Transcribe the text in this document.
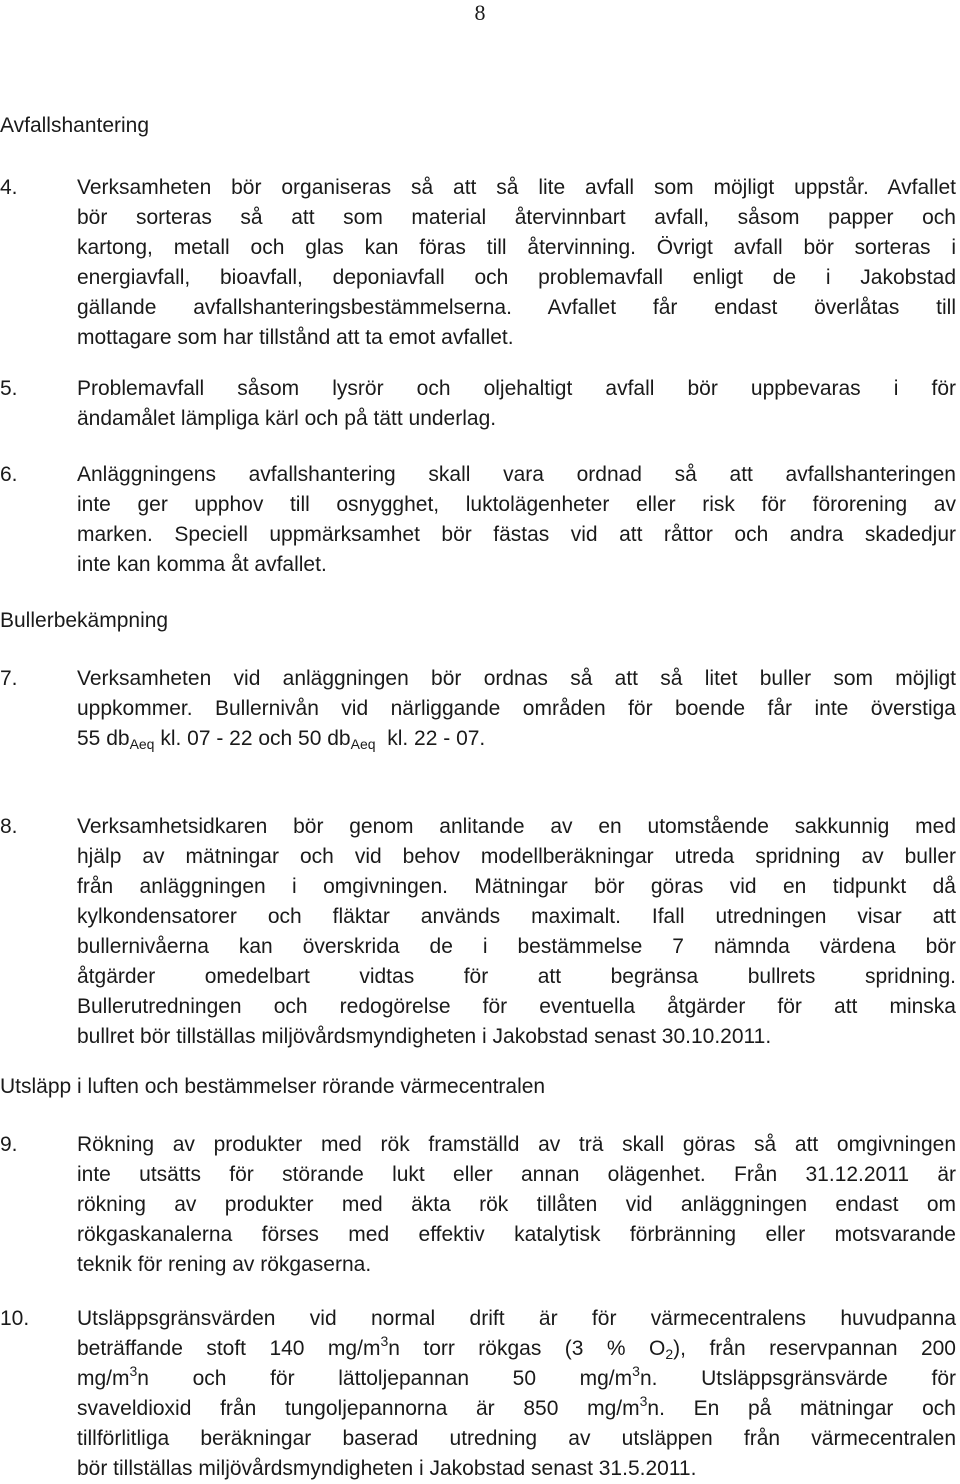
8
Avfallshantering
4.	Verksamheten bör organiseras så att så lite avfall som möjligt uppstår. Avfallet
bör sorteras så att som material återvinnbart avfall, såsom papper och
kartong, metall och glas kan föras till återvinning. Övrigt avfall bör sorteras i
energiavfall, bioavfall, deponiavfall och problemavfall enligt de i Jakobstad
gällande avfallshanteringsbestämmelserna. Avfallet får endast överlåtas till
mottagare som har tillstånd att ta emot avfallet.
5.	Problemavfall såsom lysrör och oljehaltigt avfall bör uppbevaras i för
ändamålet lämpliga kärl och på tätt underlag.
6.	Anläggningens avfallshantering skall vara ordnad så att avfallshanteringen
inte ger upphov till osnygghet, luktolägenheter eller risk för förorening av
marken. Speciell uppmärksamhet bör fästas vid att råttor och andra skadedjur
inte kan komma åt avfallet.
Bullerbekämpning
7.	Verksamheten vid anläggningen bör ordnas så att så litet buller som möjligt
uppkommer. Bullernivån vid närliggande områden för boende får inte överstiga
55 $db_{Aeq}$ kl. 07 - 22 och 50 $db_{Aeq}$  kl. 22 - 07.
8.	Verksamhetsidkaren bör genom anlitande av en utomstående sakkunnig med
hjälp av mätningar och vid behov modellberäkningar utreda spridning av buller
från anläggningen i omgivningen. Mätningar bör göras vid en tidpunkt då
kylkondensatorer och fläktar används maximalt. Ifall utredningen visar att
bullernivåerna kan överskrida de i bestämmelse 7 nämnda värdena bör
åtgärder omedelbart vidtas för att begränsa bullrets spridning.
Bullerutredningen och redogörelse för eventuella åtgärder för att minska
bullret bör tillställas miljövårdsmyndigheten i Jakobstad senast 30.10.2011.
Utsläpp i luften och bestämmelser rörande värmecentralen
9.	Rökning av produkter med rök framställd av trä skall göras så att omgivningen
inte utsätts för störande lukt eller annan olägenhet. Från 31.12.2011 är
rökning av produkter med äkta rök tillåten vid anläggningen endast om
rökgaskanalerna förses med effektiv katalytisk förbränning eller motsvarande
teknik för rening av rökgaserna.
10. Utsläppsgränsvärden vid normal drift är för värmecentralens huvudpanna
beträffande stoft 140 $mg/m^3n$ torr rökgas (3 % $O_2$), från reservpannan 200
$mg/m^3n$ och för lättoljepannan 50 $mg/m^3n$. Utsläppsgränsvärde för
svaveldioxid från tungoljepannorna är 850 $mg/m^3n$. En på mätningar och
tillförlitliga beräkningar baserad utredning av utsläppen från värmecentralen
bör tillställas miljövårdsmyndigheten i Jakobstad senast 31.5.2011.
